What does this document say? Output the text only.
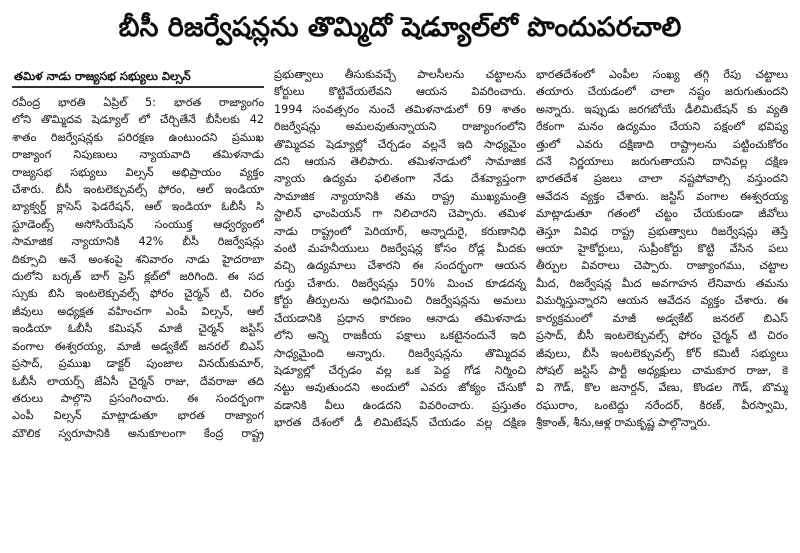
బీసీ రిజర్వేషన్లను తొమ్మిదో షెడ్యూల్‌లో పొందుపరచాలి
తమిళ నాడు రాజ్యసభ సభ్యులు విల్సన్
రవీంద్ర భారతి ఏప్రిల్ 5: భారత రాజ్యాంగం
లోని తొమ్మిదవ షెడ్యూల్ లో చేర్చితేనే బీసీలకు 42
శాతం రిజర్వేషన్లకు పరిరక్షణ ఉంటుందని ప్రముఖ
రాజ్యాంగ నిపుణులు న్యాయవాది తమిళనాడు
రాజ్యసభ సభ్యులు విల్సన్ అభిప్రాయం వ్యక్తం
చేశారు. బీసీ ఇంటలెక్చువల్స్ ఫోరం, ఆల్ ఇండియా
బ్యాక్వర్డ్ క్లాసెస్ ఫెడరేషన్, ఆల్ ఇండియా ఓబీసీ సి
స్టూడెంట్స్ అసోసియేషన్ సంయుక్త ఆధ్వర్యంలో
సామాజిక న్యాయానికి 42% బీసీ రిజర్వేషన్లు
దిక్సూచి అనే అంశంపై శనివారం నాడు హైదరాబా
దులోని బర్కత్ బాగ్ ప్రెస్ క్లబ్‌లో జరిగింది. ఈ సద
స్సుకు బిసి ఇంటలెక్చువల్స్ ఫోరం చైర్మన్ టి. చిరం
జీవులు అధ్యక్షత వహించగా ఎంపీ విల్సన్, ఆల్
ఇండియా ఓబీసీ కమిషన్ మాజీ చైర్మన్ జస్టిస్
వంగాల ఈశ్వరయ్య, మాజీ అడ్వకేట్ జనరల్ బిఎస్
ప్రసాద్, ప్రముఖ డాక్టర్ పుంజాల వినయ్‌కుమార్,
ఓబీసీ లాయర్స్ జేఏసీ చైర్మన్ రాజు, దేవరాజు తది
తరులు పాల్గొని ప్రసంగించారు. ఈ సందర్భంగా
ఎంపీ విల్సన్ మాట్లాడుతూ భారత రాజ్యాంగ
మౌలిక స్వరూపానికి అనుకూలంగా కేంద్ర రాష్ట్ర
ప్రభుత్వాలు తీసుకువచ్చే పాలసీలను చట్టాలను
కోర్టులు కొట్టివేయలేవని ఆయన వివరించారు.
1994 సంవత్సరం నుంచే తమిళనాడులో 69 శాతం
రిజర్వేషన్లు అమలవుతున్నాయని రాజ్యాంగంలోని
తొమ్మిదవ షెడ్యూల్లో చేర్చడం వల్లనే ఇది సాధ్యమైం
దని ఆయన తెలిపారు. తమిళనాడులో సామాజిక
న్యాయ ఉద్యమ ఫలితంగా నేడు దేశవ్యాప్తంగా
సామాజిక న్యాయానికి తమ రాష్ట్ర ముఖ్యమంత్రి
స్టాలిన్ ఛాంపియన్ గా నిలిచారని చెప్పారు. తమిళ
నాడు రాష్ట్రంలో పెరియార్, అన్నాదురై, కరుణానిధి
వంటి మహనీయులు రిజర్వేషన్ల కోసం రోడ్ల మీదకు
వచ్చి ఉద్యమాలు చేశారని ఈ సందర్భంగా ఆయన
గుర్తు చేశారు. రిజర్వేషన్లు 50% మించ కూడదన్న
కోర్టు తీర్పులను అధిగమించి రిజర్వేషన్లను అమలు
చేయడానికి ప్రధాన కారణం ఆనాడు తమిళనాడు
లోని అన్ని రాజకీయ పక్షాలు ఒకటైనందునే ఇది
సాధ్యమైంది అన్నారు. రిజర్వేషన్లను తొమ్మిదవ
షెడ్యూల్లో చేర్చడం వల్ల ఒక పెద్ద గోడ నిర్మించి
నట్టు అవుతుందని అందులో ఎవరు జోక్యం చేసుకో
వడానికి వీలు ఉండదని వివరించారు. ప్రస్తుతం
భారత దేశంలో డీ లిమిటేషన్ చేయడం వల్ల దక్షిణ
భారతదేశంలో ఎంపీల సంఖ్య తగ్గి రేపు చట్టాలు
తయారు చేయడంలో చాలా నష్టం జరుగుతుందని
అన్నారు. ఇప్పుడు జరగబోయే డీలిమిటేషన్ కు వ్యతి
రేకంగా మనం ఉద్యమం చేయని పక్షంలో భవిష్య
త్తులో ఎవరు దక్షిణాది రాష్ట్రాలను పట్టించుకోరం
దనే నిర్ణయాలు జరుగుతాయని దానివల్ల దక్షిణ
భారతదేశ ప్రజలు చాలా నష్టపోవాల్సి వస్తుందని
ఆవేదన వ్యక్తం చేశారు. జస్టిస్ వంగాల ఈశ్వరయ్య
మాట్లాడుతూ గతంలో చట్టం చేయకుండా జీవోలు
తెస్తూ వివిధ రాష్ట్ర ప్రభుత్వాలు రిజర్వేషన్లు తెస్తే
ఆయా హైకోర్టులు, సుప్రీంకోర్టు కొట్టి వేసిన పలు
తీర్పుల వివరాలు చెప్పారు. రాజ్యాంగము, చట్టాల
మీద, రిజర్వేషన్ల మీద అవగాహన లేనివారు తమను
విమర్శిస్తున్నారని ఆయన ఆవేదన వ్యక్తం చేశారు. ఈ
కార్యక్రమంలో మాజీ అడ్వకేట్ జనరల్ బిఎస్
ప్రసాద్, బీసీ ఇంటలెక్చువల్స్ ఫోరం చైర్మన్ టి చిరం
జీవులు, బీసీ ఇంటలెక్చువల్స్ కోర్ కమిటీ సభ్యులు
సోషల్ జస్టిస్ పార్టీ అధ్యక్షులు చామకూర రాజు, కె
వి గౌడ్, కొల జనార్దన్, వేణు, కొండల గౌడ్, బొమ్మ
రఘురాం, ఒంటెద్దు నరేందర్, కిరణ్, వీరస్వామి,
శ్రీకాంత్, శీను,ఆళ్ల రామకృష్ణ పాల్గొన్నారు.
